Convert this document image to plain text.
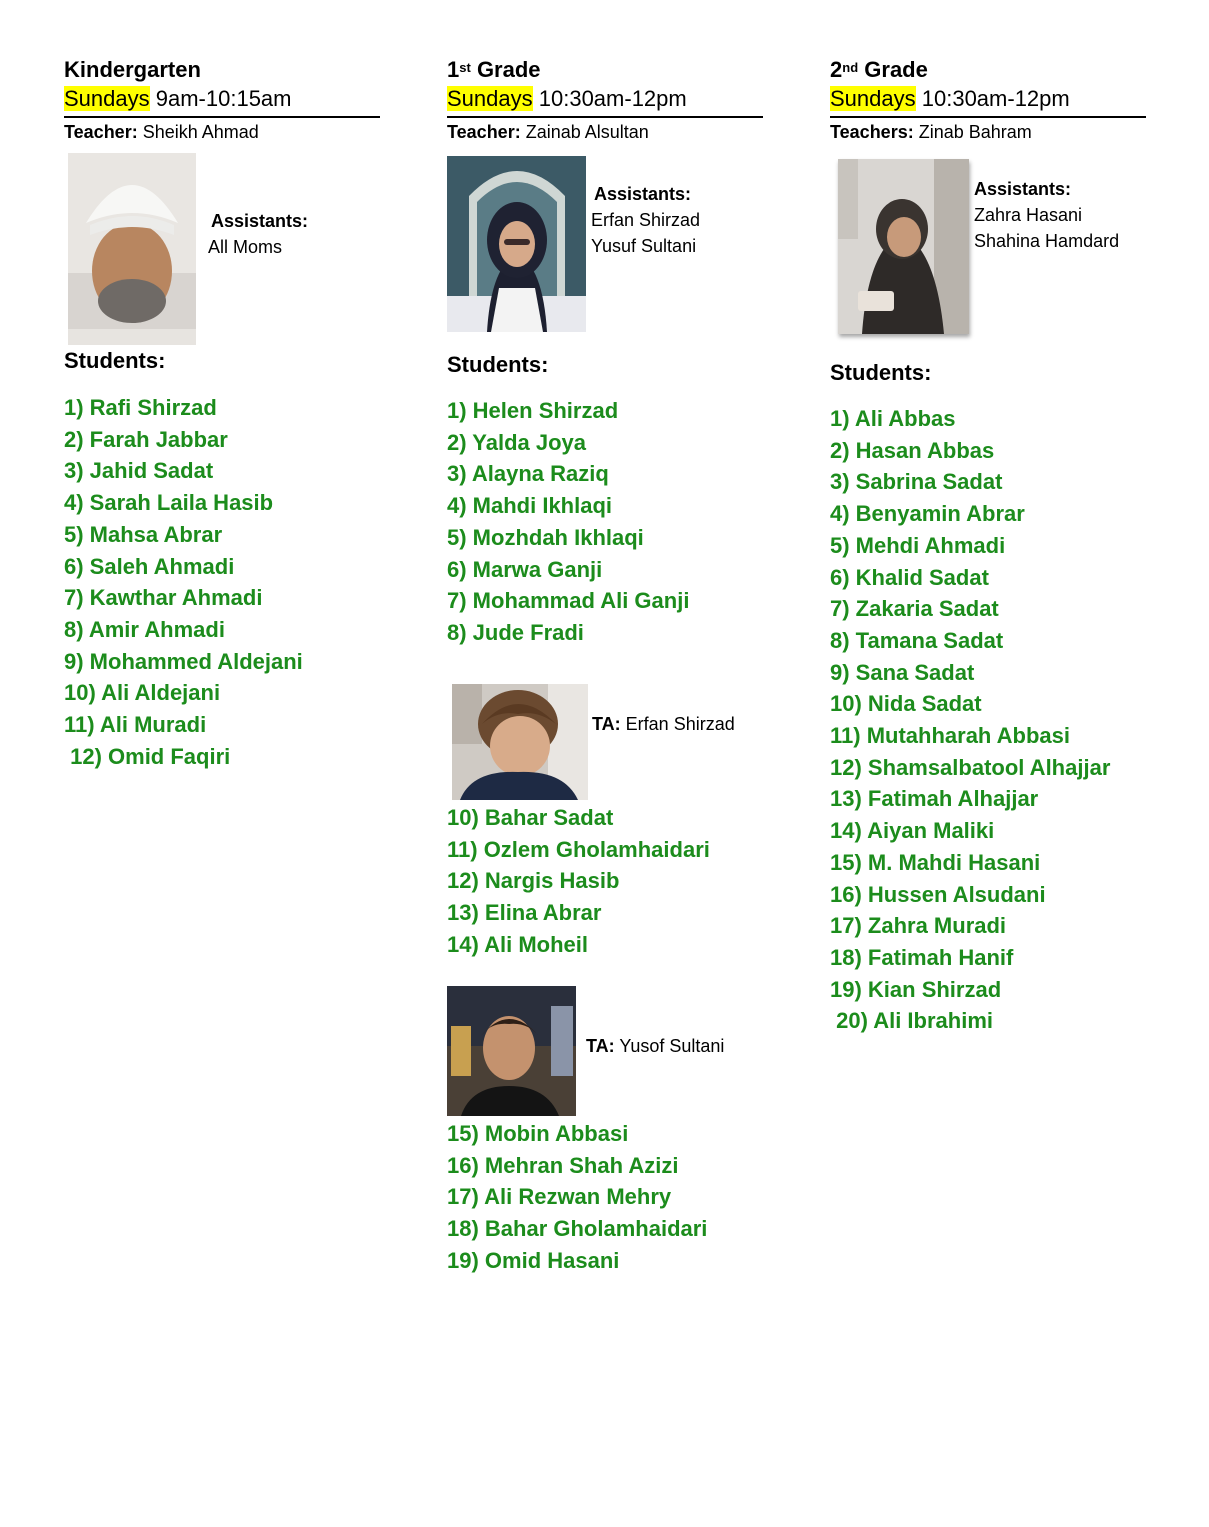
Kindergarten
Sundays 9am-10:15am
Teacher: Sheikh Ahmad
Assistants:
All Moms
Students:
1) Rafi Shirzad
2) Farah Jabbar
3) Jahid Sadat
4) Sarah Laila Hasib
5) Mahsa Abrar
6) Saleh Ahmadi
7) Kawthar Ahmadi
8) Amir Ahmadi
9) Mohammed Aldejani
10) Ali Aldejani
11) Ali Muradi
12) Omid Faqiri
1st Grade
Sundays 10:30am-12pm
Teacher: Zainab Alsultan
Assistants:
Erfan Shirzad
Yusuf Sultani
Students:
1) Helen Shirzad
2) Yalda Joya
3) Alayna Raziq
4) Mahdi Ikhlaqi
5) Mozhdah Ikhlaqi
6) Marwa Ganji
7) Mohammad Ali Ganji
8) Jude Fradi
TA: Erfan Shirzad
10) Bahar Sadat
11) Ozlem Gholamhaidari
12) Nargis Hasib
13) Elina Abrar
14) Ali Moheil
TA: Yusof Sultani
15) Mobin Abbasi
16) Mehran Shah Azizi
17) Ali Rezwan Mehry
18) Bahar Gholamhaidari
19) Omid Hasani
2nd Grade
Sundays 10:30am-12pm
Teachers: Zinab Bahram
Assistants:
Zahra Hasani
Shahina Hamdard
Students:
1) Ali Abbas
2) Hasan Abbas
3) Sabrina Sadat
4) Benyamin Abrar
5) Mehdi Ahmadi
6) Khalid Sadat
7) Zakaria Sadat
8) Tamana Sadat
9) Sana Sadat
10) Nida Sadat
11) Mutahharah Abbasi
12) Shamsalbatool Alhajjar
13) Fatimah Alhajjar
14) Aiyan Maliki
15) M. Mahdi Hasani
16) Hussen Alsudani
17) Zahra Muradi
18) Fatimah Hanif
19) Kian Shirzad
20) Ali Ibrahimi
